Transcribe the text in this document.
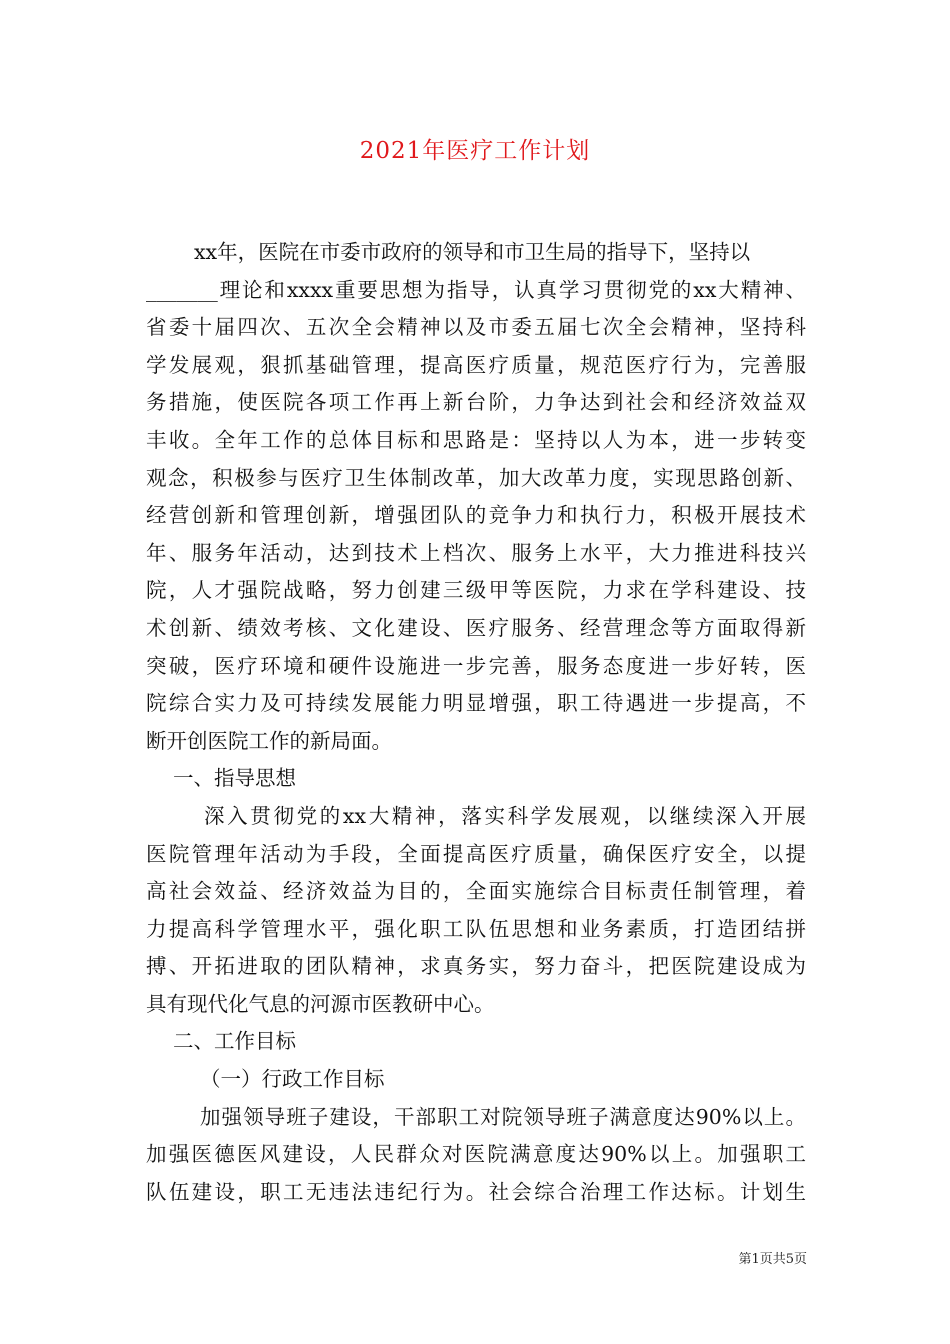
2021年医疗工作计划
xx年，医院在市委市政府的领导和市卫生局的指导下，坚持以
_______理论和xxxx重要思想为指导，认真学习贯彻党的xx大精神、
省委十届四次、五次全会精神以及市委五届七次全会精神，坚持科
学发展观，狠抓基础管理，提高医疗质量，规范医疗行为，完善服
务措施，使医院各项工作再上新台阶，力争达到社会和经济效益双
丰收。全年工作的总体目标和思路是：坚持以人为本，进一步转变
观念，积极参与医疗卫生体制改革，加大改革力度，实现思路创新、
经营创新和管理创新，增强团队的竞争力和执行力，积极开展技术
年、服务年活动，达到技术上档次、服务上水平，大力推进科技兴
院，人才强院战略，努力创建三级甲等医院，力求在学科建设、技
术创新、绩效考核、文化建设、医疗服务、经营理念等方面取得新
突破，医疗环境和硬件设施进一步完善，服务态度进一步好转，医
院综合实力及可持续发展能力明显增强，职工待遇进一步提高，不
断开创医院工作的新局面。
一、指导思想
深入贯彻党的xx大精神，落实科学发展观，以继续深入开展
医院管理年活动为手段，全面提高医疗质量，确保医疗安全，以提
高社会效益、经济效益为目的，全面实施综合目标责任制管理，着
力提高科学管理水平，强化职工队伍思想和业务素质，打造团结拼
搏、开拓进取的团队精神，求真务实，努力奋斗，把医院建设成为
具有现代化气息的河源市医教研中心。
二、工作目标
（一）行政工作目标
加强领导班子建设，干部职工对院领导班子满意度达90%以上。
加强医德医风建设，人民群众对医院满意度达90%以上。加强职工
队伍建设，职工无违法违纪行为。社会综合治理工作达标。计划生
第1页共5页
